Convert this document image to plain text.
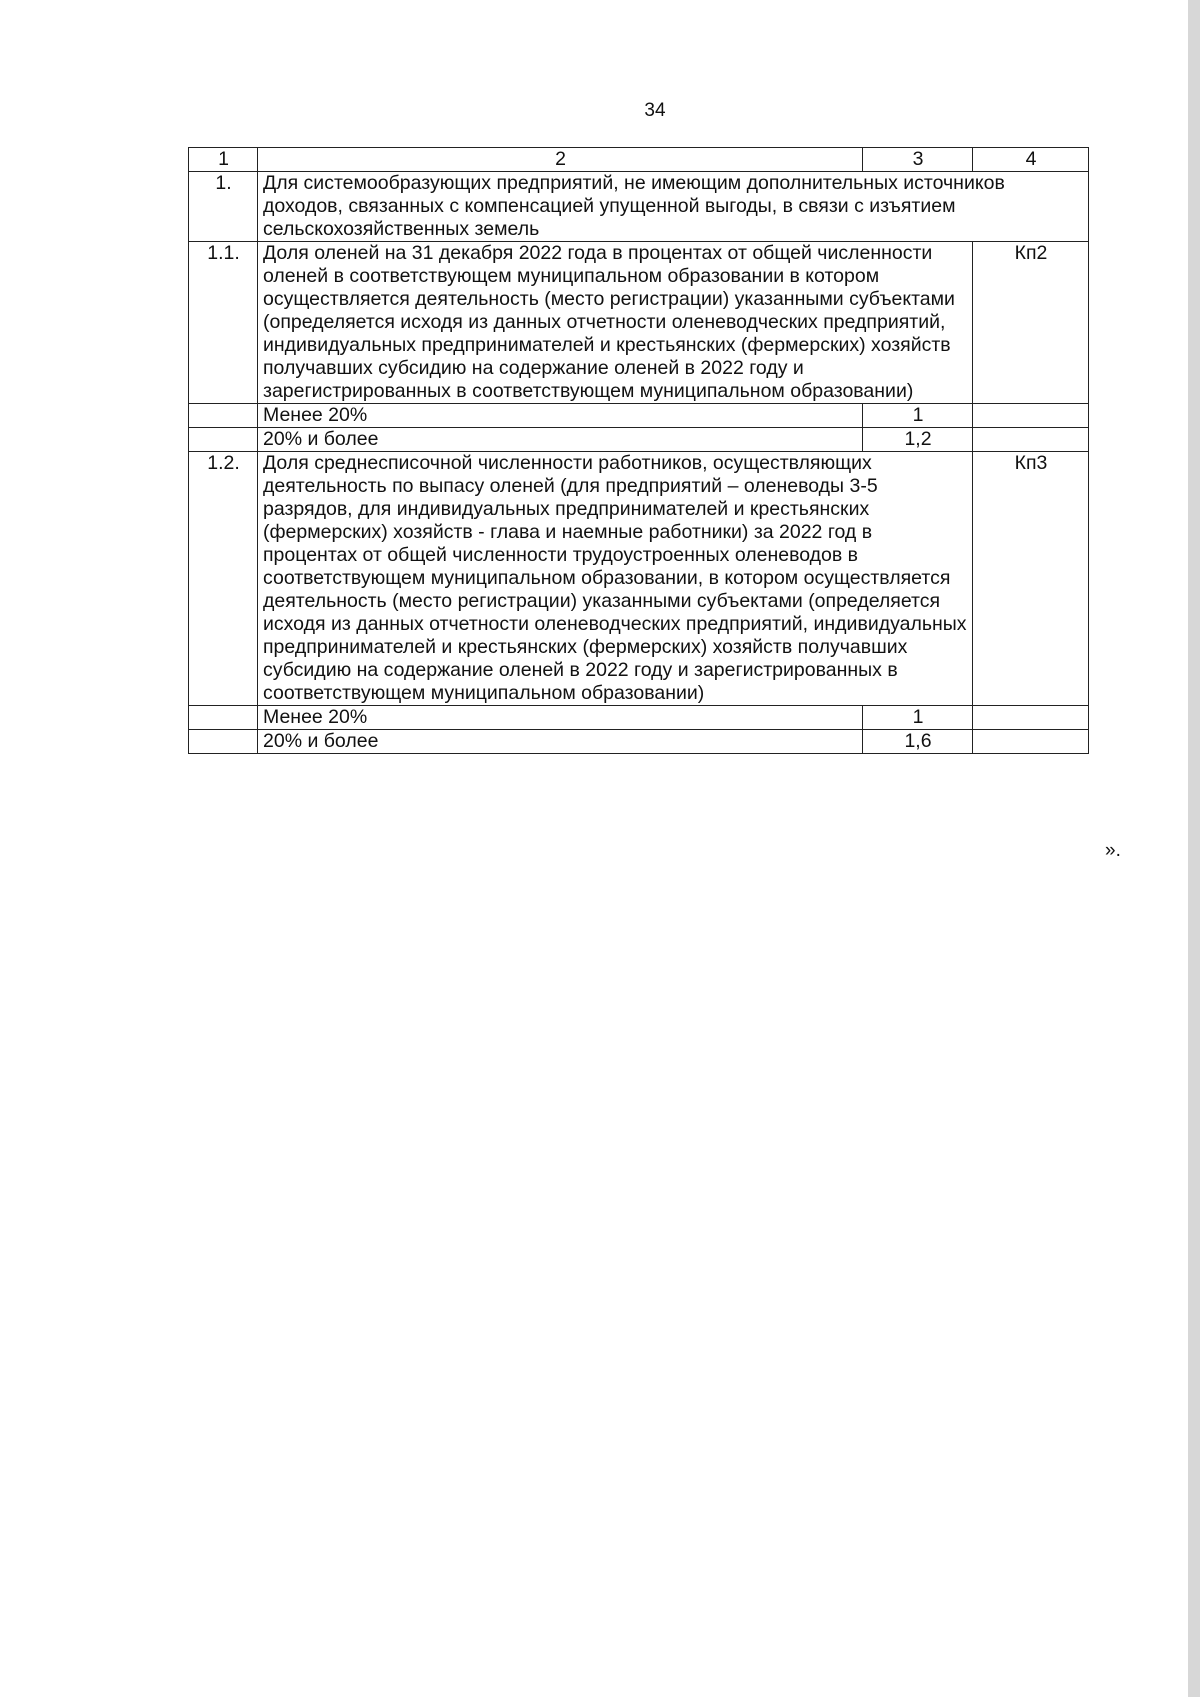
34
1	2	3	4
1.	Для системообразующих предприятий, не имеющим дополнительных источников доходов, связанных с компенсацией упущенной выгоды, в связи с изъятием сельскохозяйственных земель		
1.1.	Доля оленей на 31 декабря 2022 года в процентах от общей численности оленей в соответствующем муниципальном образовании в котором осуществляется деятельность (место регистрации) указанными субъектами (определяется исходя из данных отчетности оленеводческих предприятий, индивидуальных предпринимателей и крестьянских (фермерских) хозяйств получавших субсидию на содержание оленей в 2022 году и зарегистрированных в соответствующем муниципальном образовании)		Кп2
	Менее 20%	1	
	20% и более	1,2	
1.2.	Доля среднесписочной численности работников, осуществляющих деятельность по выпасу оленей (для предприятий – оленеводы 3-5 разрядов, для индивидуальных предпринимателей и крестьянских (фермерских) хозяйств - глава и наемные работники) за 2022 год в процентах от общей численности трудоустроенных оленеводов в соответствующем муниципальном образовании, в котором осуществляется деятельность (место регистрации) указанными субъектами (определяется исходя из данных отчетности оленеводческих предприятий, индивидуальных предпринимателей и крестьянских (фермерских) хозяйств получавших субсидию на содержание оленей в 2022 году и зарегистрированных в соответствующем муниципальном образовании)		Кп3
	Менее 20%	1	
	20% и более	1,6	
».
